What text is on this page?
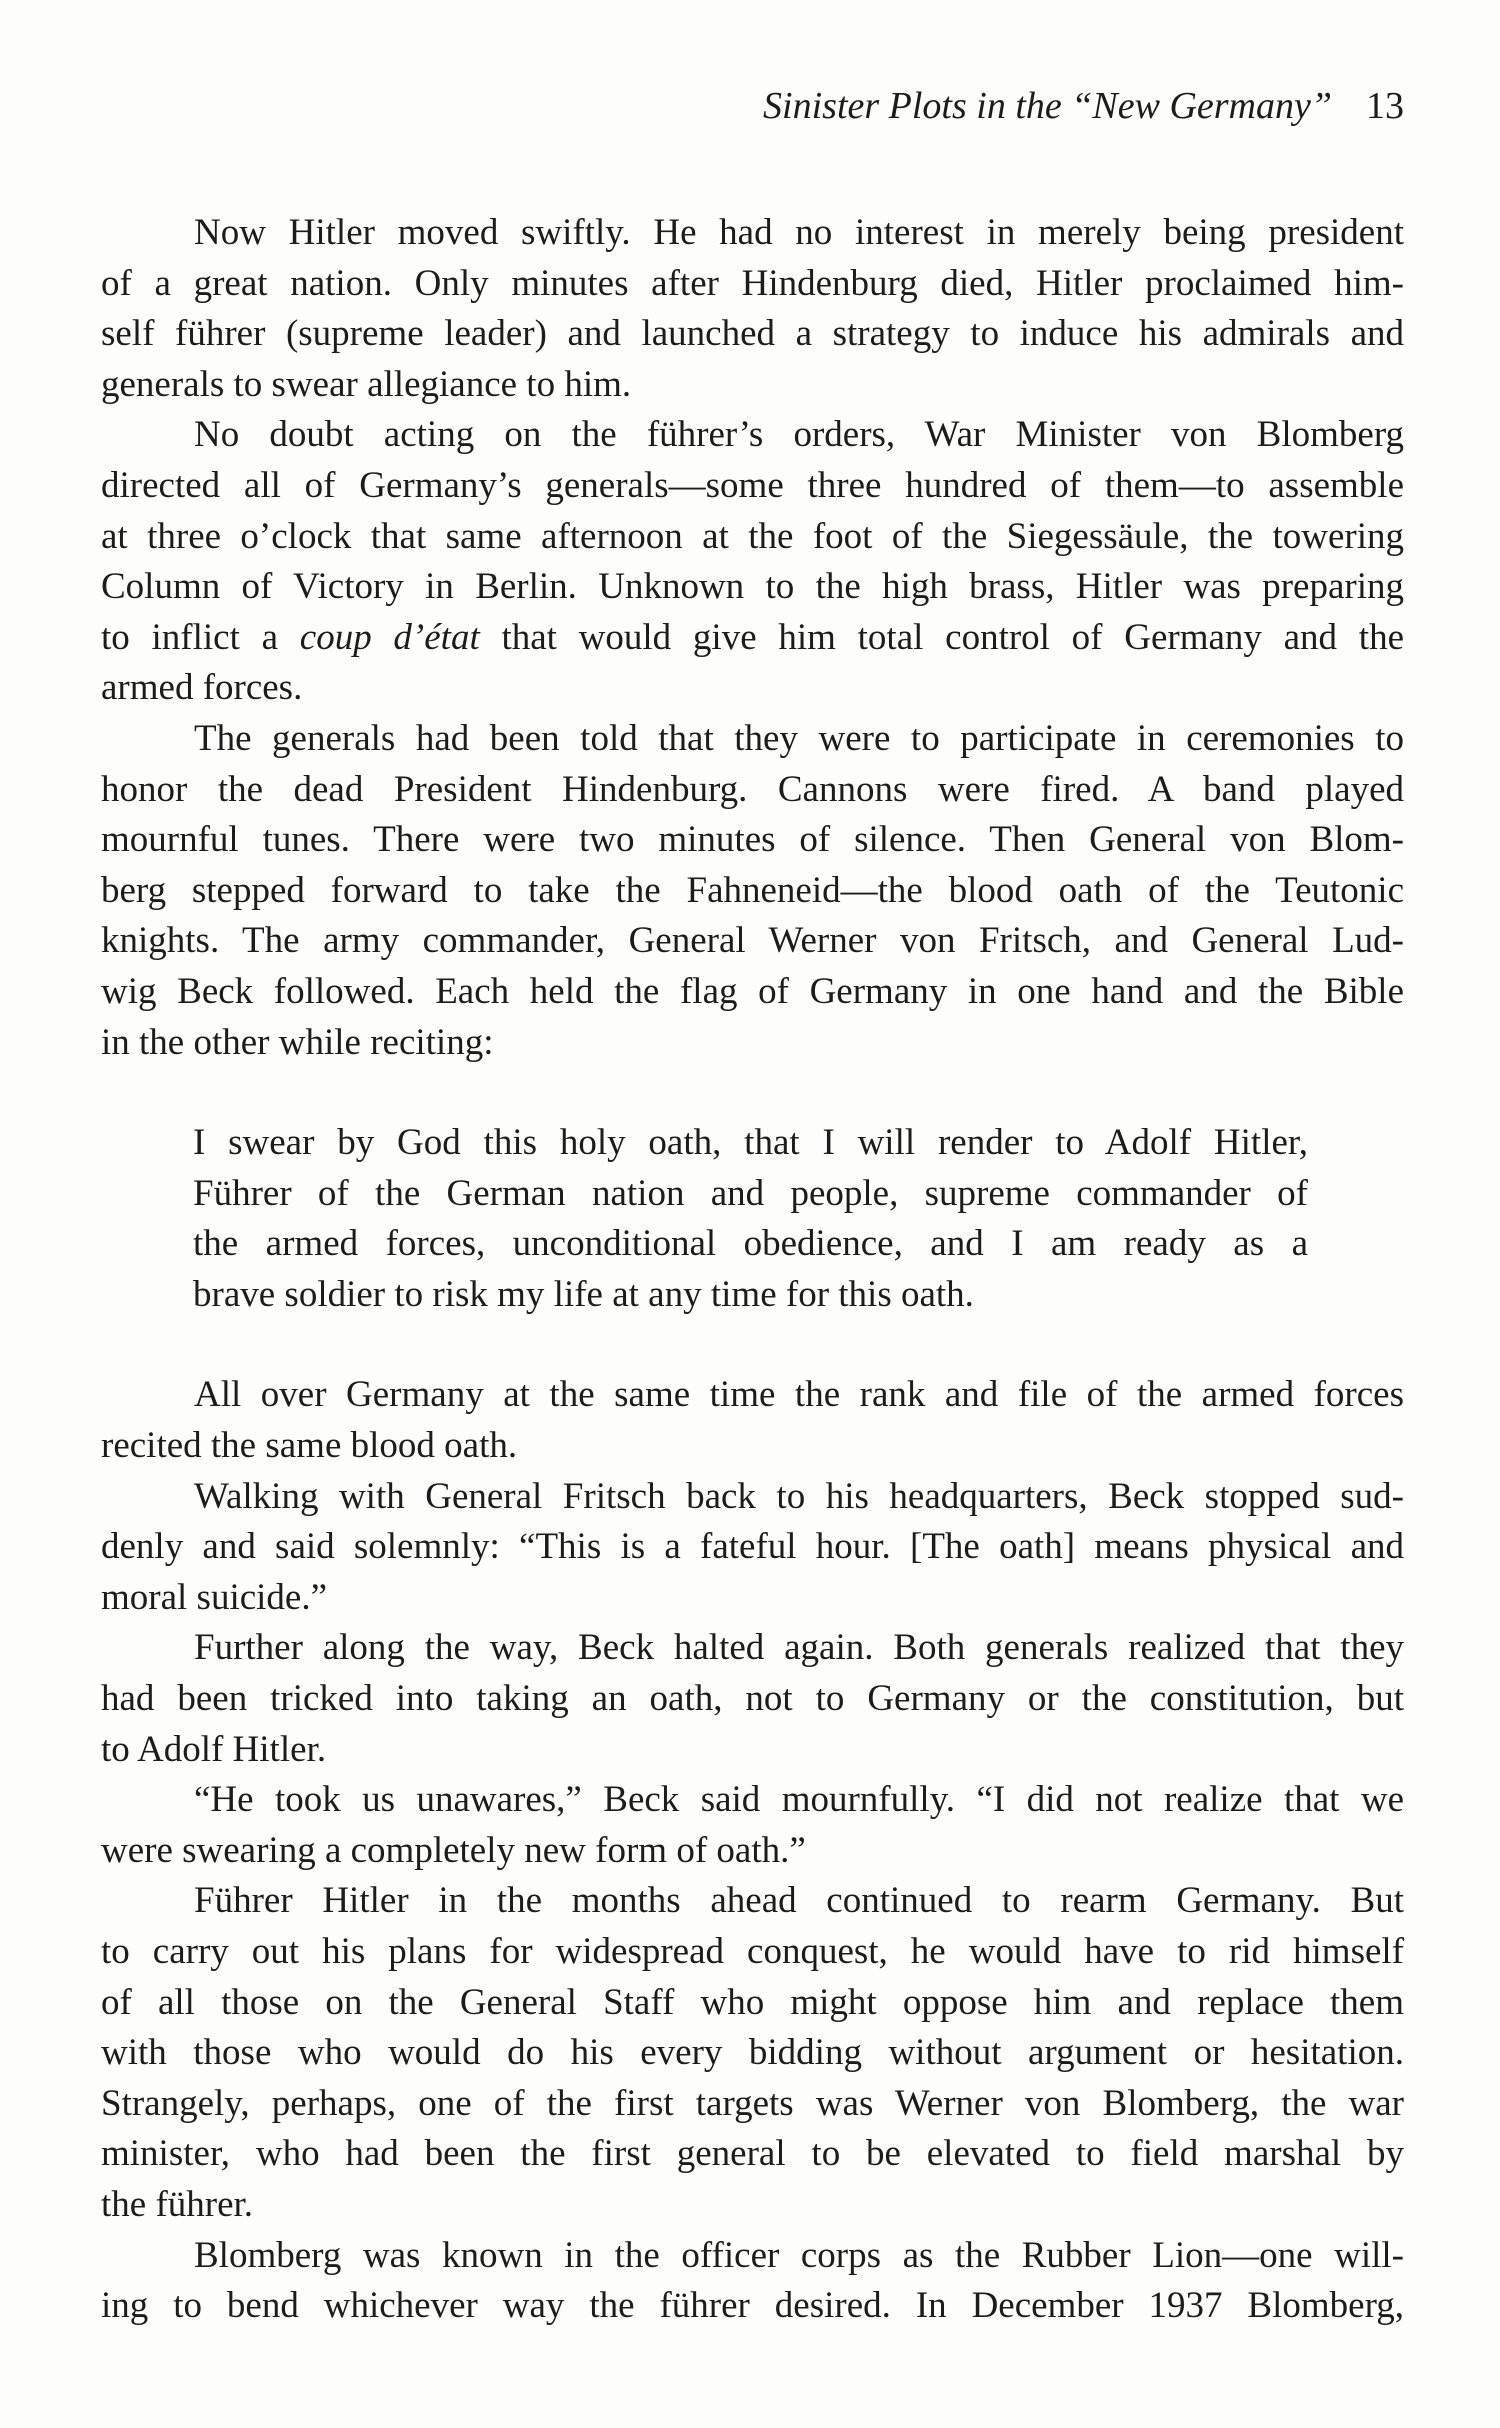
Sinister Plots in the “New Germany” 13
Now Hitler moved swiftly. He had no interest in merely being president
of a great nation. Only minutes after Hindenburg died, Hitler proclaimed him-
self führer (supreme leader) and launched a strategy to induce his admirals and
generals to swear allegiance to him.
No doubt acting on the führer’s orders, War Minister von Blomberg
directed all of Germany’s generals—some three hundred of them—to assemble
at three o’clock that same afternoon at the foot of the Siegessäule, the towering
Column of Victory in Berlin. Unknown to the high brass, Hitler was preparing
to inflict a coup d’état that would give him total control of Germany and the
armed forces.
The generals had been told that they were to participate in ceremonies to
honor the dead President Hindenburg. Cannons were fired. A band played
mournful tunes. There were two minutes of silence. Then General von Blom-
berg stepped forward to take the Fahneneid—the blood oath of the Teutonic
knights. The army commander, General Werner von Fritsch, and General Lud-
wig Beck followed. Each held the flag of Germany in one hand and the Bible
in the other while reciting:
I swear by God this holy oath, that I will render to Adolf Hitler,
Führer of the German nation and people, supreme commander of
the armed forces, unconditional obedience, and I am ready as a
brave soldier to risk my life at any time for this oath.
All over Germany at the same time the rank and file of the armed forces
recited the same blood oath.
Walking with General Fritsch back to his headquarters, Beck stopped sud-
denly and said solemnly: “This is a fateful hour. [The oath] means physical and
moral suicide.”
Further along the way, Beck halted again. Both generals realized that they
had been tricked into taking an oath, not to Germany or the constitution, but
to Adolf Hitler.
“He took us unawares,” Beck said mournfully. “I did not realize that we
were swearing a completely new form of oath.”
Führer Hitler in the months ahead continued to rearm Germany. But
to carry out his plans for widespread conquest, he would have to rid himself
of all those on the General Staff who might oppose him and replace them
with those who would do his every bidding without argument or hesitation.
Strangely, perhaps, one of the first targets was Werner von Blomberg, the war
minister, who had been the first general to be elevated to field marshal by
the führer.
Blomberg was known in the officer corps as the Rubber Lion—one will-
ing to bend whichever way the führer desired. In December 1937 Blomberg,
